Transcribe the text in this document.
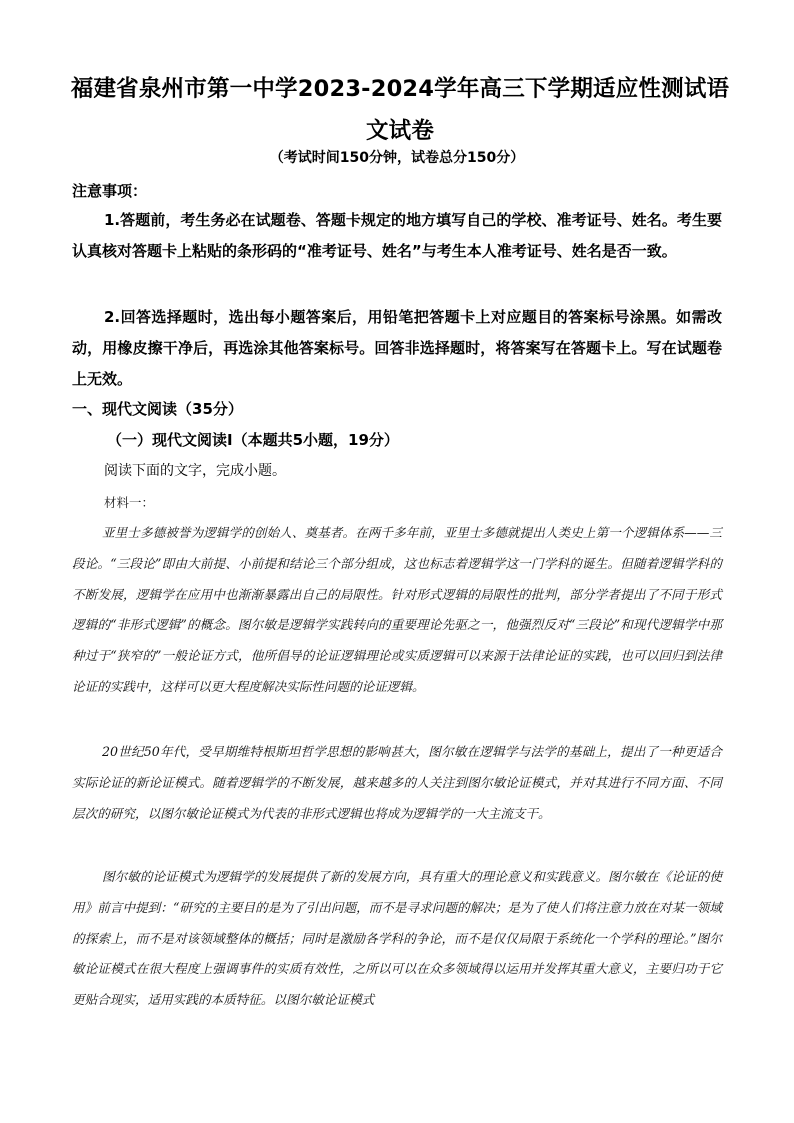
福建省泉州市第一中学2023-2024学年高三下学期适应性测试语文试卷
（考试时间150分钟，试卷总分150分）
注意事项：
1.答题前，考生务必在试题卷、答题卡规定的地方填写自己的学校、准考证号、姓名。考生要认真核对答题卡上粘贴的条形码的“准考证号、姓名”与考生本人准考证号、姓名是否一致。
2.回答选择题时，选出每小题答案后，用铅笔把答题卡上对应题目的答案标号涂黑。如需改动，用橡皮擦干净后，再选涂其他答案标号。回答非选择题时，将答案写在答题卡上。写在试题卷上无效。
一、现代文阅读（35分）
（一）现代文阅读Ⅰ（本题共5小题，19分）
阅读下面的文字，完成小题。
材料一：
亚里士多德被誉为逻辑学的创始人、奠基者。在两千多年前，亚里士多德就提出人类史上第一个逻辑体系——三段论。“三段论”即由大前提、小前提和结论三个部分组成，这也标志着逻辑学这一门学科的诞生。但随着逻辑学科的不断发展，逻辑学在应用中也渐渐暴露出自己的局限性。针对形式逻辑的局限性的批判，部分学者提出了不同于形式逻辑的“非形式逻辑”的概念。图尔敏是逻辑学实践转向的重要理论先驱之一，他强烈反对“三段论”和现代逻辑学中那种过于“狭窄的”一般论证方式，他所倡导的论证逻辑理论或实质逻辑可以来源于法律论证的实践，也可以回归到法律论证的实践中，这样可以更大程度解决实际性问题的论证逻辑。
20世纪50年代，受早期维特根斯坦哲学思想的影响甚大，图尔敏在逻辑学与法学的基础上，提出了一种更适合实际论证的新论证模式。随着逻辑学的不断发展，越来越多的人关注到图尔敏论证模式，并对其进行不同方面、不同层次的研究，以图尔敏论证模式为代表的非形式逻辑也将成为逻辑学的一大主流支干。
图尔敏的论证模式为逻辑学的发展提供了新的发展方向，具有重大的理论意义和实践意义。图尔敏在《论证的使用》前言中提到：“研究的主要目的是为了引出问题，而不是寻求问题的解决；是为了使人们将注意力放在对某一领域的探索上，而不是对该领域整体的概括；同时是激励各学科的争论，而不是仅仅局限于系统化一个学科的理论。”图尔敏论证模式在很大程度上强调事件的实质有效性，之所以可以在众多领域得以运用并发挥其重大意义，主要归功于它更贴合现实，适用实践的本质特征。以图尔敏论证模式
